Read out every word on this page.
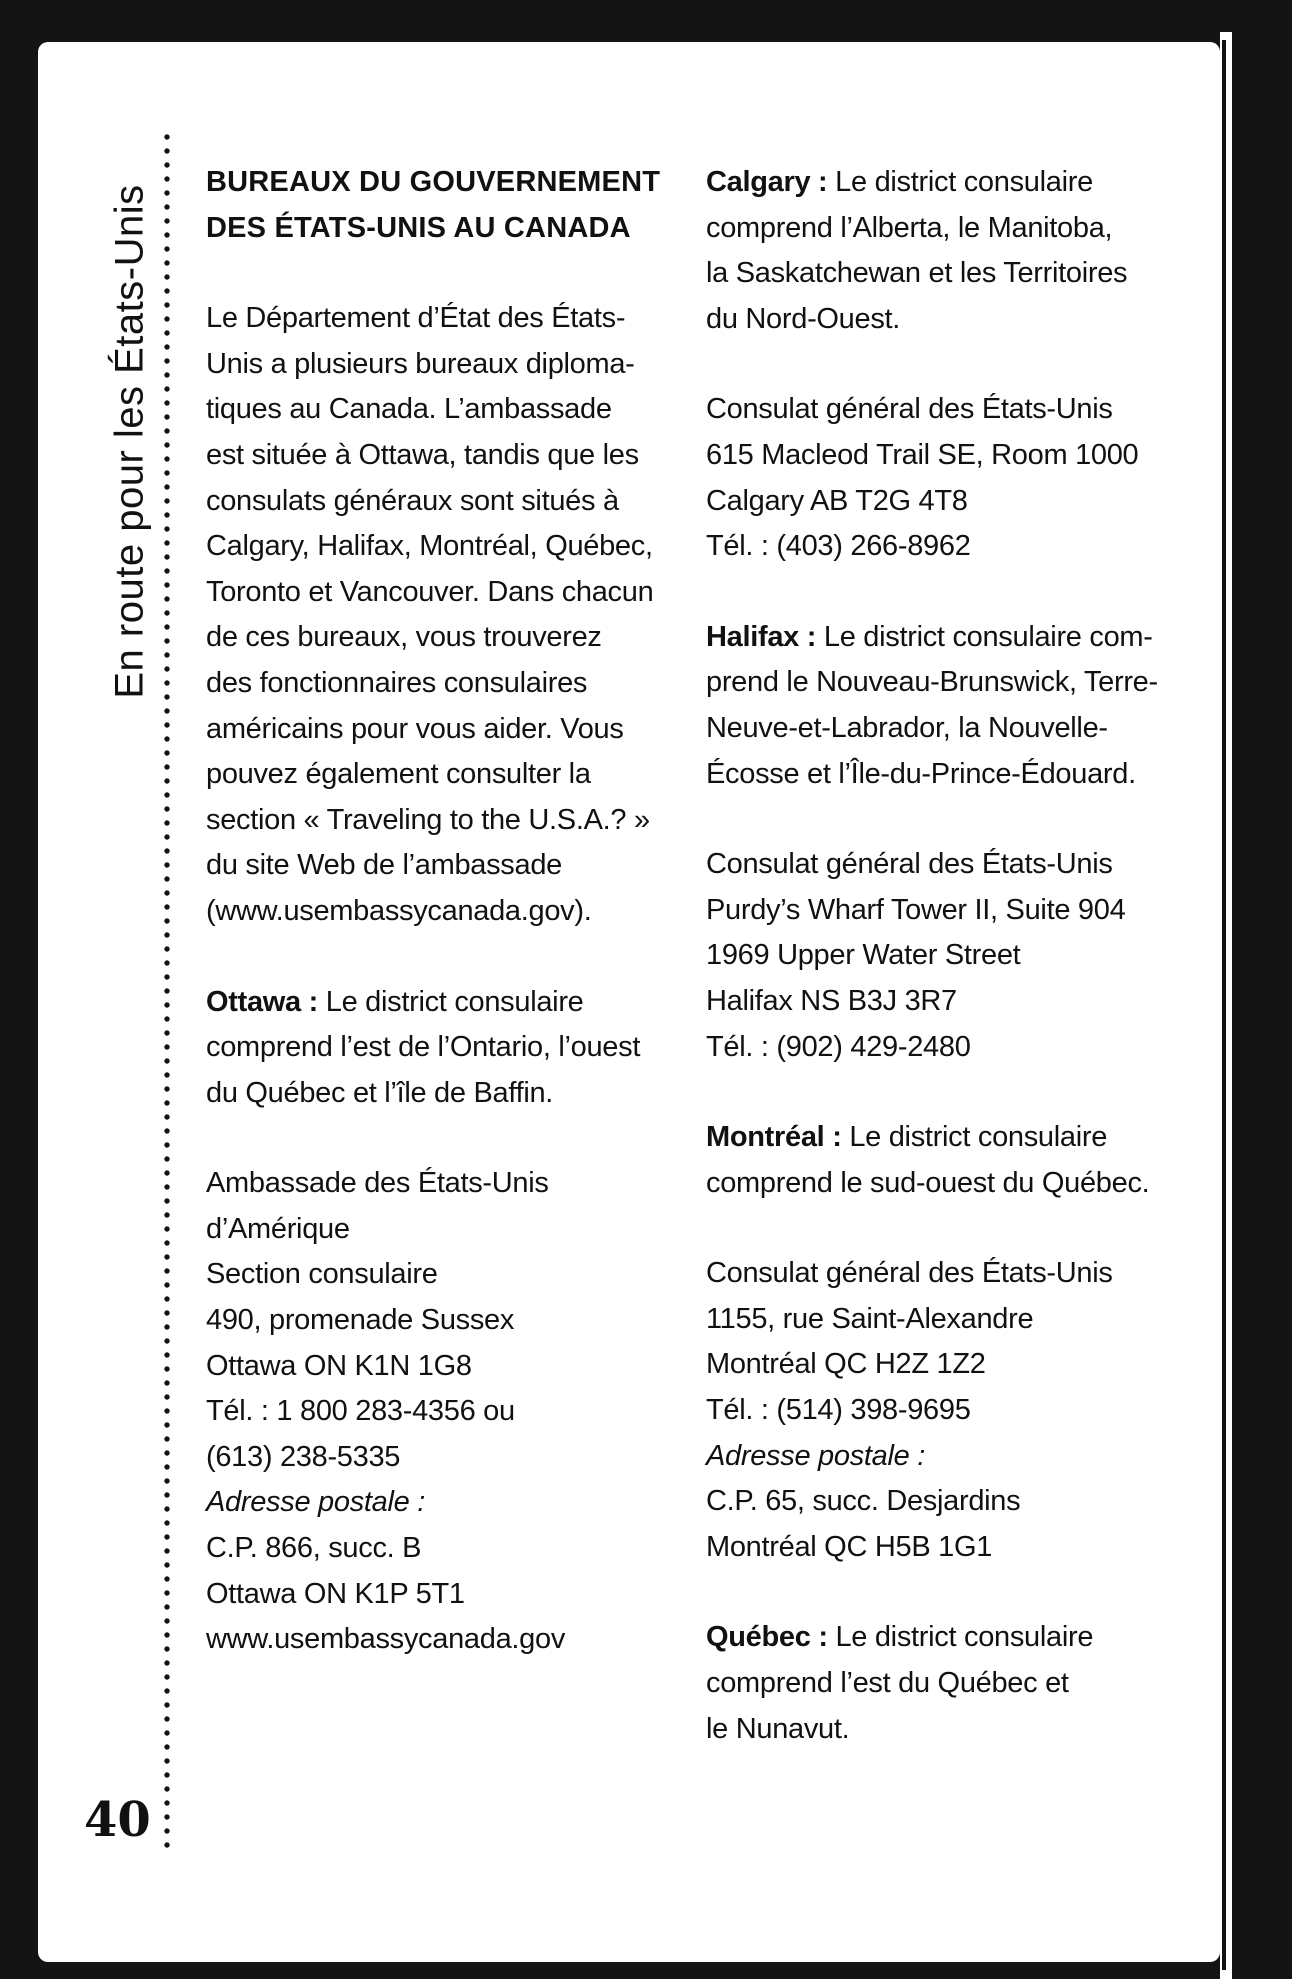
En route pour les États-Unis
40

BUREAUX DU GOUVERNEMENT
DES ÉTATS-UNIS AU CANADA

Le Département d’État des États-
Unis a plusieurs bureaux diploma-
tiques au Canada. L’ambassade
est située à Ottawa, tandis que les
consulats généraux sont situés à
Calgary, Halifax, Montréal, Québec,
Toronto et Vancouver. Dans chacun
de ces bureaux, vous trouverez
des fonctionnaires consulaires
américains pour vous aider. Vous
pouvez également consulter la
section « Traveling to the U.S.A.? »
du site Web de l’ambassade
(www.usembassycanada.gov).

Ottawa : Le district consulaire
comprend l’est de l’Ontario, l’ouest
du Québec et l’île de Baffin.

Ambassade des États-Unis
d’Amérique
Section consulaire
490, promenade Sussex
Ottawa ON K1N 1G8
Tél. : 1 800 283-4356 ou
(613) 238-5335
Adresse postale :
C.P. 866, succ. B
Ottawa ON K1P 5T1
www.usembassycanada.gov

Calgary : Le district consulaire
comprend l’Alberta, le Manitoba,
la Saskatchewan et les Territoires
du Nord-Ouest.

Consulat général des États-Unis
615 Macleod Trail SE, Room 1000
Calgary AB T2G 4T8
Tél. : (403) 266-8962

Halifax : Le district consulaire com-
prend le Nouveau-Brunswick, Terre-
Neuve-et-Labrador, la Nouvelle-
Écosse et l’Île-du-Prince-Édouard.

Consulat général des États-Unis
Purdy’s Wharf Tower II, Suite 904
1969 Upper Water Street
Halifax NS B3J 3R7
Tél. : (902) 429-2480

Montréal : Le district consulaire
comprend le sud-ouest du Québec.

Consulat général des États-Unis
1155, rue Saint-Alexandre
Montréal QC H2Z 1Z2
Tél. : (514) 398-9695
Adresse postale :
C.P. 65, succ. Desjardins
Montréal QC H5B 1G1

Québec : Le district consulaire
comprend l’est du Québec et
le Nunavut.
